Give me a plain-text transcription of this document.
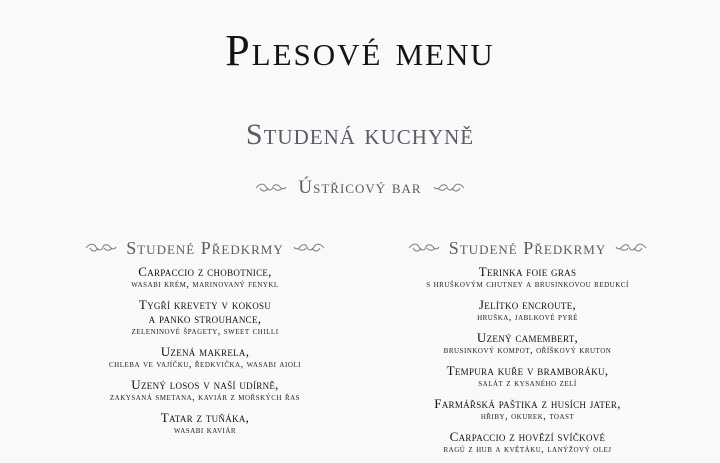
Plesové menu
Studená kuchyně
Ústřicový bar
Studené Předkrmy
Carpaccio z chobotnice,
wasabi krém, marinovaný fenykl
Tygří krevety v kokosu
a panko strouhance,
zeleninové špagety, sweet chilli
Uzená makrela,
chleba ve vajíčku, ředkvička, wasabi aioli
Uzený losos v naší udírně,
zakysaná smetana, kaviár z mořských řas
Tatar z tuňáka,
wasabi kaviár
Studené Předkrmy
Terinka foie gras
s hruškovým chutney a brusinkovou redukcí
Jelítko encroute,
hruška, jablkové pyré
Uzený camembert,
brusinkový kompot, oříškový kruton
Tempura kuře v bramboráku,
salát z kysaného zelí
Farmářská paštika z husích jater,
hřiby, okurek, toast
Carpaccio z hovězí svíčkové
ragú z hub a květáku, lanýžový olej
